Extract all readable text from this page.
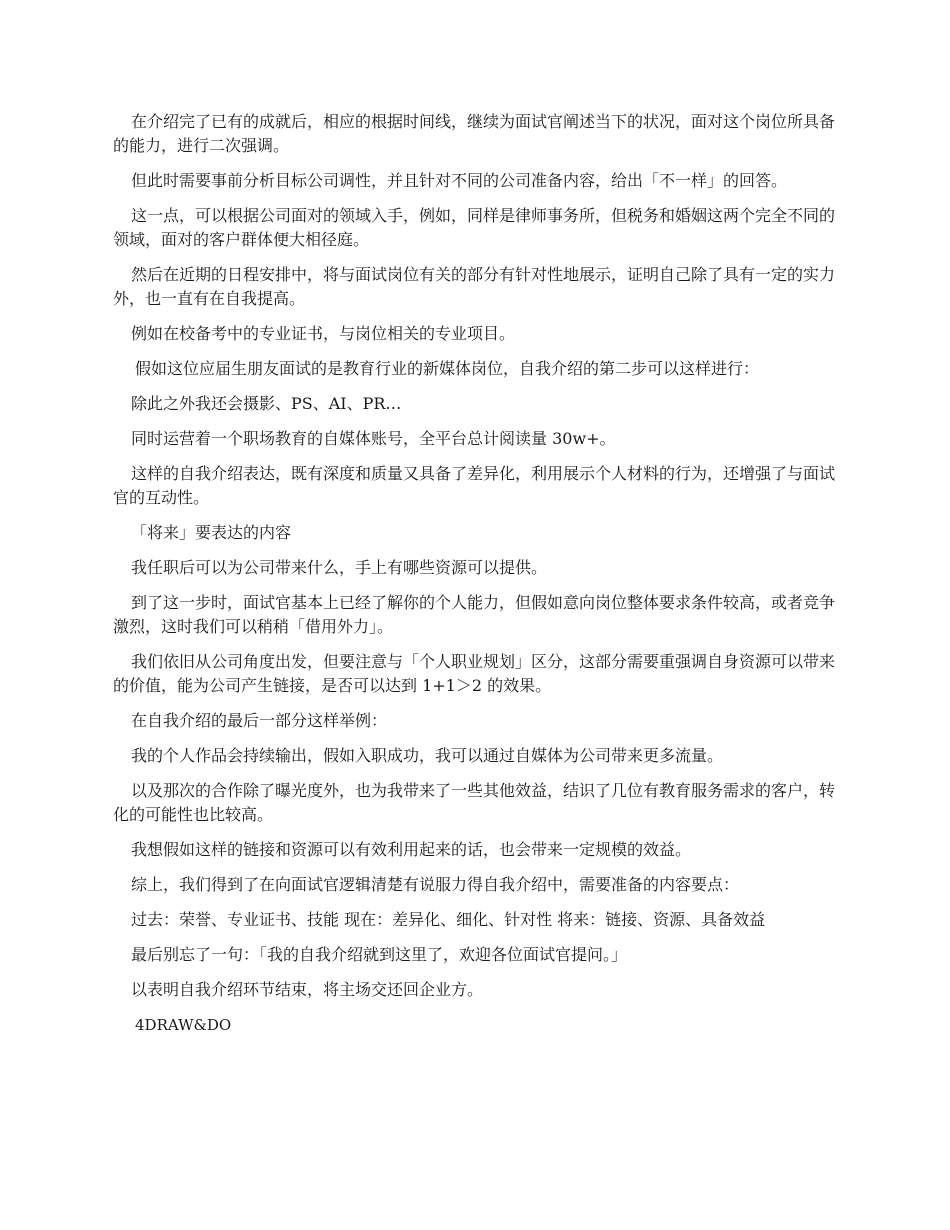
在介绍完了已有的成就后，相应的根据时间线，继续为面试官阐述当下的状况，面对这个岗位所具备的能力，进行二次强调。

但此时需要事前分析目标公司调性，并且针对不同的公司准备内容，给出「不一样」的回答。

这一点，可以根据公司面对的领域入手，例如，同样是律师事务所，但税务和婚姻这两个完全不同的领域，面对的客户群体便大相径庭。

然后在近期的日程安排中，将与面试岗位有关的部分有针对性地展示，证明自己除了具有一定的实力外，也一直有在自我提高。

例如在校备考中的专业证书，与岗位相关的专业项目。

假如这位应届生朋友面试的是教育行业的新媒体岗位，自我介绍的第二步可以这样进行：

除此之外我还会摄影、PS、AI、PR…

同时运营着一个职场教育的自媒体账号，全平台总计阅读量 30w+。

这样的自我介绍表达，既有深度和质量又具备了差异化，利用展示个人材料的行为，还增强了与面试官的互动性。

「将来」要表达的内容

我任职后可以为公司带来什么，手上有哪些资源可以提供。

到了这一步时，面试官基本上已经了解你的个人能力，但假如意向岗位整体要求条件较高，或者竞争激烈，这时我们可以稍稍「借用外力」。

我们依旧从公司角度出发，但要注意与「个人职业规划」区分，这部分需要重强调自身资源可以带来的价值，能为公司产生链接，是否可以达到 1+1＞2 的效果。

在自我介绍的最后一部分这样举例：

我的个人作品会持续输出，假如入职成功，我可以通过自媒体为公司带来更多流量。

以及那次的合作除了曝光度外，也为我带来了一些其他效益，结识了几位有教育服务需求的客户，转化的可能性也比较高。

我想假如这样的链接和资源可以有效利用起来的话，也会带来一定规模的效益。

综上，我们得到了在向面试官逻辑清楚有说服力得自我介绍中，需要准备的内容要点：

过去：荣誉、专业证书、技能 现在：差异化、细化、针对性 将来：链接、资源、具备效益

最后别忘了一句：「我的自我介绍就到这里了，欢迎各位面试官提问。」

以表明自我介绍环节结束，将主场交还回企业方。

4DRAW&DO
